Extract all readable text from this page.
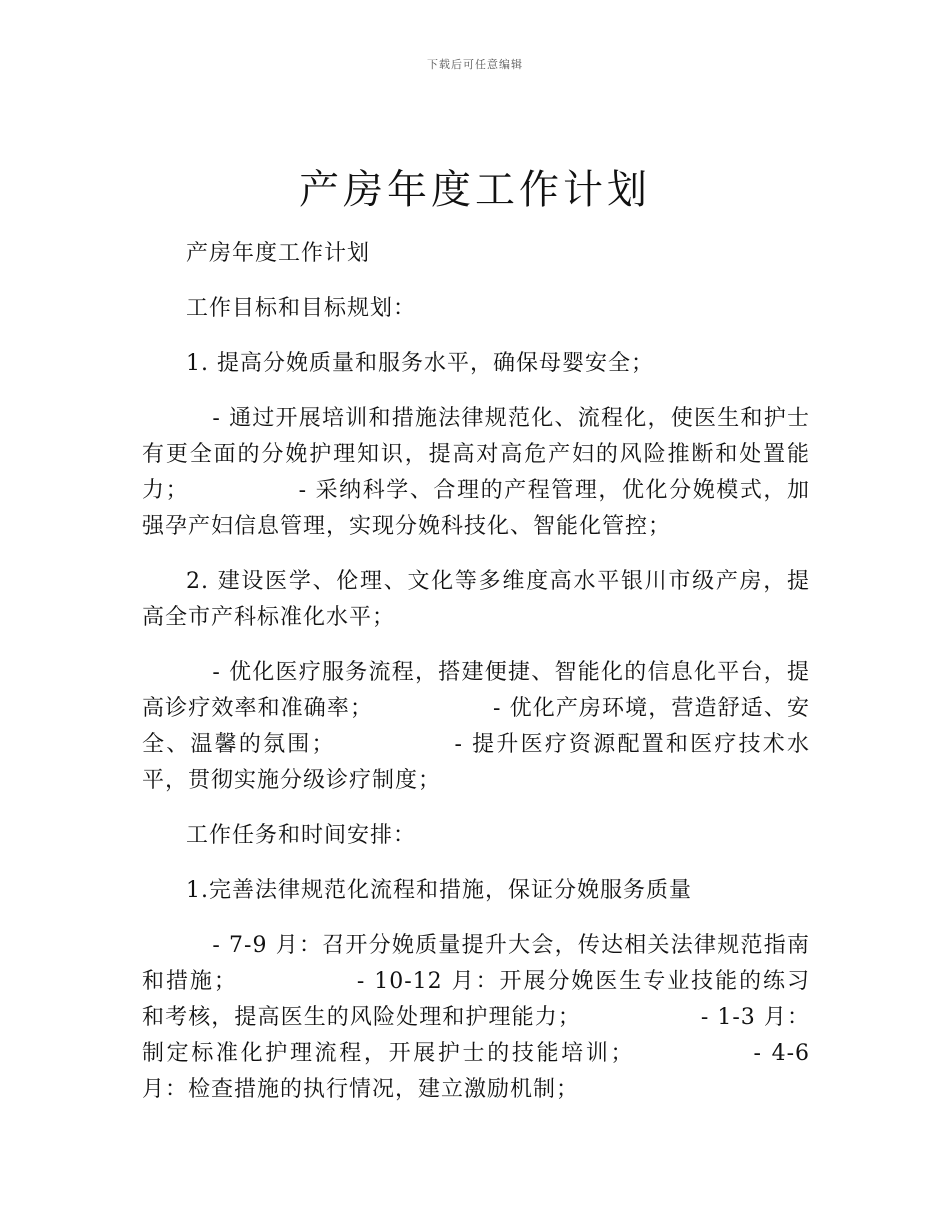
下载后可任意编辑
产房年度工作计划

产房年度工作计划

工作目标和目标规划：

1. 提高分娩质量和服务水平，确保母婴安全；

- 通过开展培训和措施法律规范化、流程化，使医生和护士有更全面的分娩护理知识，提高对高危产妇的风险推断和处置能力；	- 采纳科学、合理的产程管理，优化分娩模式，加强孕产妇信息管理，实现分娩科技化、智能化管控；

2. 建设医学、伦理、文化等多维度高水平银川市级产房，提高全市产科标准化水平；

- 优化医疗服务流程，搭建便捷、智能化的信息化平台，提高诊疗效率和准确率；	- 优化产房环境，营造舒适、安全、温馨的氛围；	- 提升医疗资源配置和医疗技术水平，贯彻实施分级诊疗制度；

工作任务和时间安排：

1.完善法律规范化流程和措施，保证分娩服务质量

- 7-9 月：召开分娩质量提升大会，传达相关法律规范指南和措施；	- 10-12 月：开展分娩医生专业技能的练习和考核，提高医生的风险处理和护理能力；	- 1-3 月：制定标准化护理流程，开展护士的技能培训；	- 4-6 月：检查措施的执行情况，建立激励机制；
